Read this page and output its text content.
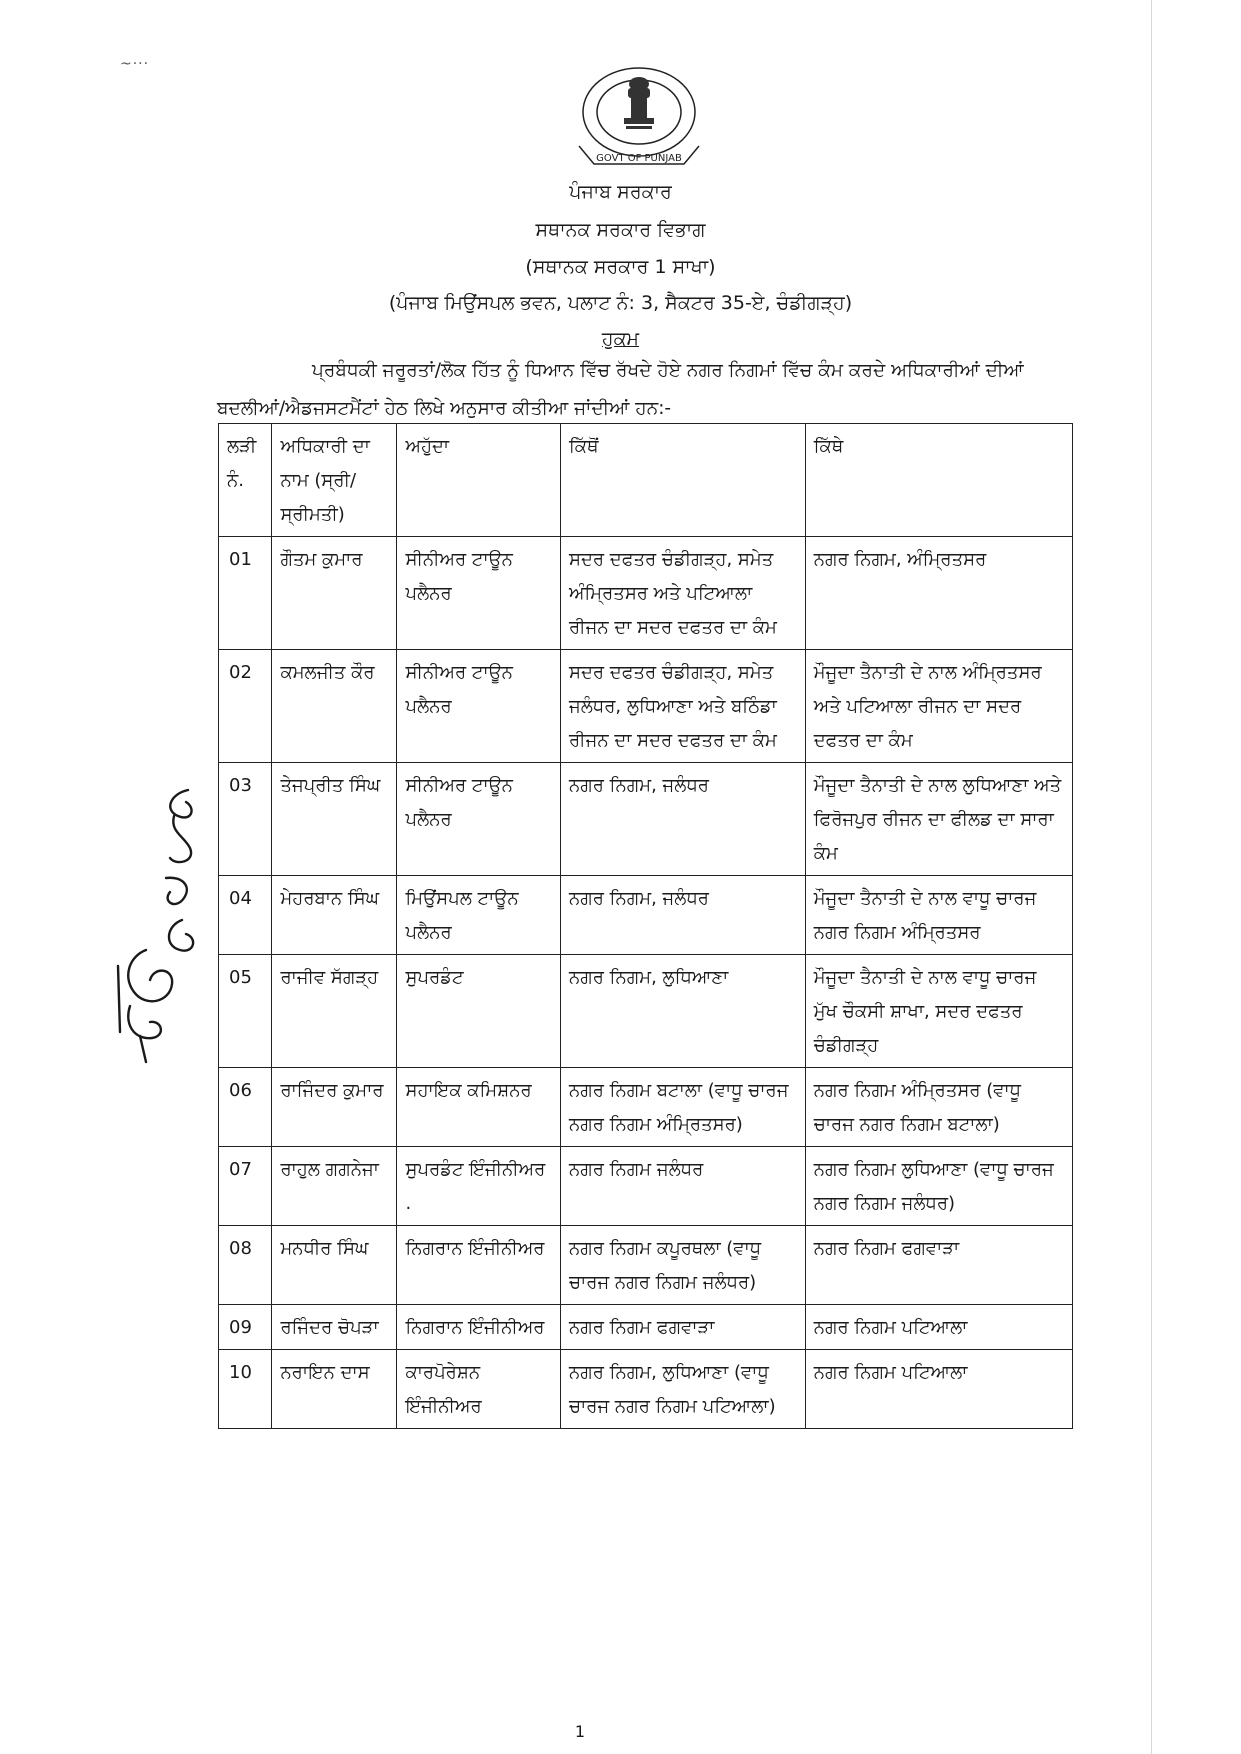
~···
GOVT OF PUNJAB
ਪੰਜਾਬ ਸਰਕਾਰ
ਸਥਾਨਕ ਸਰਕਾਰ ਵਿਭਾਗ
(ਸਥਾਨਕ ਸਰਕਾਰ 1 ਸਾਖਾ)
(ਪੰਜਾਬ ਮਿਉਂਸਪਲ ਭਵਨ, ਪਲਾਟ ਨੰ: 3, ਸੈਕਟਰ 35-ਏ, ਚੰਡੀਗੜ੍ਹ)
ਹੁਕਮ
ਪ੍ਰਬੰਧਕੀ ਜਰੂਰਤਾਂ/ਲੋਕ ਹਿੱਤ ਨੂੰ ਧਿਆਨ ਵਿੱਚ ਰੱਖਦੇ ਹੋਏ ਨਗਰ ਨਿਗਮਾਂ ਵਿੱਚ ਕੰਮ ਕਰਦੇ ਅਧਿਕਾਰੀਆਂ ਦੀਆਂ
ਬਦਲੀਆਂ/ਐਡਜਸਟਮੈਂਟਾਂ ਹੇਠ ਲਿਖੇ ਅਨੁਸਾਰ ਕੀਤੀਆ ਜਾਂਦੀਆਂ ਹਨ:-
ਲੜੀ ਨੰ.	ਅਧਿਕਾਰੀ ਦਾ ਨਾਮ (ਸ੍ਰੀ/ਸ੍ਰੀਮਤੀ)	ਅਹੁੱਦਾ	ਕਿੱਥੋਂ	ਕਿੱਥੇ
01	ਗੌਤਮ ਕੁਮਾਰ	ਸੀਨੀਅਰ ਟਾਊਨ ਪਲੈਨਰ	ਸਦਰ ਦਫਤਰ ਚੰਡੀਗੜ੍ਹ, ਸਮੇਤ ਅੰਮ੍ਰਿਤਸਰ ਅਤੇ ਪਟਿਆਲਾ ਰੀਜਨ ਦਾ ਸਦਰ ਦਫਤਰ ਦਾ ਕੰਮ	ਨਗਰ ਨਿਗਮ, ਅੰਮ੍ਰਿਤਸਰ
02	ਕਮਲਜੀਤ ਕੌਰ	ਸੀਨੀਅਰ ਟਾਊਨ ਪਲੈਨਰ	ਸਦਰ ਦਫਤਰ ਚੰਡੀਗੜ੍ਹ, ਸਮੇਤ ਜਲੰਧਰ, ਲੁਧਿਆਣਾ ਅਤੇ ਬਠਿੰਡਾ ਰੀਜਨ ਦਾ ਸਦਰ ਦਫਤਰ ਦਾ ਕੰਮ	ਮੌਜੂਦਾ ਤੈਨਾਤੀ ਦੇ ਨਾਲ ਅੰਮ੍ਰਿਤਸਰ ਅਤੇ ਪਟਿਆਲਾ ਰੀਜਨ ਦਾ ਸਦਰ ਦਫਤਰ ਦਾ ਕੰਮ
03	ਤੇਜਪ੍ਰੀਤ ਸਿੰਘ	ਸੀਨੀਅਰ ਟਾਊਨ ਪਲੈਨਰ	ਨਗਰ ਨਿਗਮ, ਜਲੰਧਰ	ਮੌਜੂਦਾ ਤੈਨਾਤੀ ਦੇ ਨਾਲ ਲੁਧਿਆਣਾ ਅਤੇ ਫਿਰੋਜਪੁਰ ਰੀਜਨ ਦਾ ਫੀਲਡ ਦਾ ਸਾਰਾ ਕੰਮ
04	ਮੇਹਰਬਾਨ ਸਿੰਘ	ਮਿਉਂਸਪਲ ਟਾਊਨ ਪਲੈਨਰ	ਨਗਰ ਨਿਗਮ, ਜਲੰਧਰ	ਮੌਜੂਦਾ ਤੈਨਾਤੀ ਦੇ ਨਾਲ ਵਾਧੂ ਚਾਰਜ ਨਗਰ ਨਿਗਮ ਅੰਮ੍ਰਿਤਸਰ
05	ਰਾਜੀਵ ਸੱਗੜ੍ਹ	ਸੁਪਰਡੰਟ	ਨਗਰ ਨਿਗਮ, ਲੁਧਿਆਣਾ	ਮੌਜੂਦਾ ਤੈਨਾਤੀ ਦੇ ਨਾਲ ਵਾਧੂ ਚਾਰਜ ਮੁੱਖ ਚੌਕਸੀ ਸ਼ਾਖਾ, ਸਦਰ ਦਫਤਰ ਚੰਡੀਗੜ੍ਹ
06	ਰਾਜਿੰਦਰ ਕੁਮਾਰ	ਸਹਾਇਕ ਕਮਿਸ਼ਨਰ	ਨਗਰ ਨਿਗਮ ਬਟਾਲਾ (ਵਾਧੂ ਚਾਰਜ ਨਗਰ ਨਿਗਮ ਅੰਮ੍ਰਿਤਸਰ)	ਨਗਰ ਨਿਗਮ ਅੰਮ੍ਰਿਤਸਰ (ਵਾਧੂ ਚਾਰਜ ਨਗਰ ਨਿਗਮ ਬਟਾਲਾ)
07	ਰਾਹੁਲ ਗਗਨੇਜਾ	ਸੁਪਰਡੰਟ ਇੰਜੀਨੀਅਰ .	ਨਗਰ ਨਿਗਮ ਜਲੰਧਰ	ਨਗਰ ਨਿਗਮ ਲੁਧਿਆਣਾ (ਵਾਧੂ ਚਾਰਜ ਨਗਰ ਨਿਗਮ ਜਲੰਧਰ)
08	ਮਨਧੀਰ ਸਿੰਘ	ਨਿਗਰਾਨ ਇੰਜੀਨੀਅਰ	ਨਗਰ ਨਿਗਮ ਕਪੂਰਥਲਾ (ਵਾਧੂ ਚਾਰਜ ਨਗਰ ਨਿਗਮ ਜਲੰਧਰ)	ਨਗਰ ਨਿਗਮ ਫਗਵਾੜਾ
09	ਰਜਿੰਦਰ ਚੋਪੜਾ	ਨਿਗਰਾਨ ਇੰਜੀਨੀਅਰ	ਨਗਰ ਨਿਗਮ ਫਗਵਾੜਾ	ਨਗਰ ਨਿਗਮ ਪਟਿਆਲਾ
10	ਨਰਾਇਨ ਦਾਸ	ਕਾਰਪੋਰੇਸ਼ਨ ਇੰਜੀਨੀਅਰ	ਨਗਰ ਨਿਗਮ, ਲੁਧਿਆਣਾ (ਵਾਧੂ ਚਾਰਜ ਨਗਰ ਨਿਗਮ ਪਟਿਆਲਾ)	ਨਗਰ ਨਿਗਮ ਪਟਿਆਲਾ
1
